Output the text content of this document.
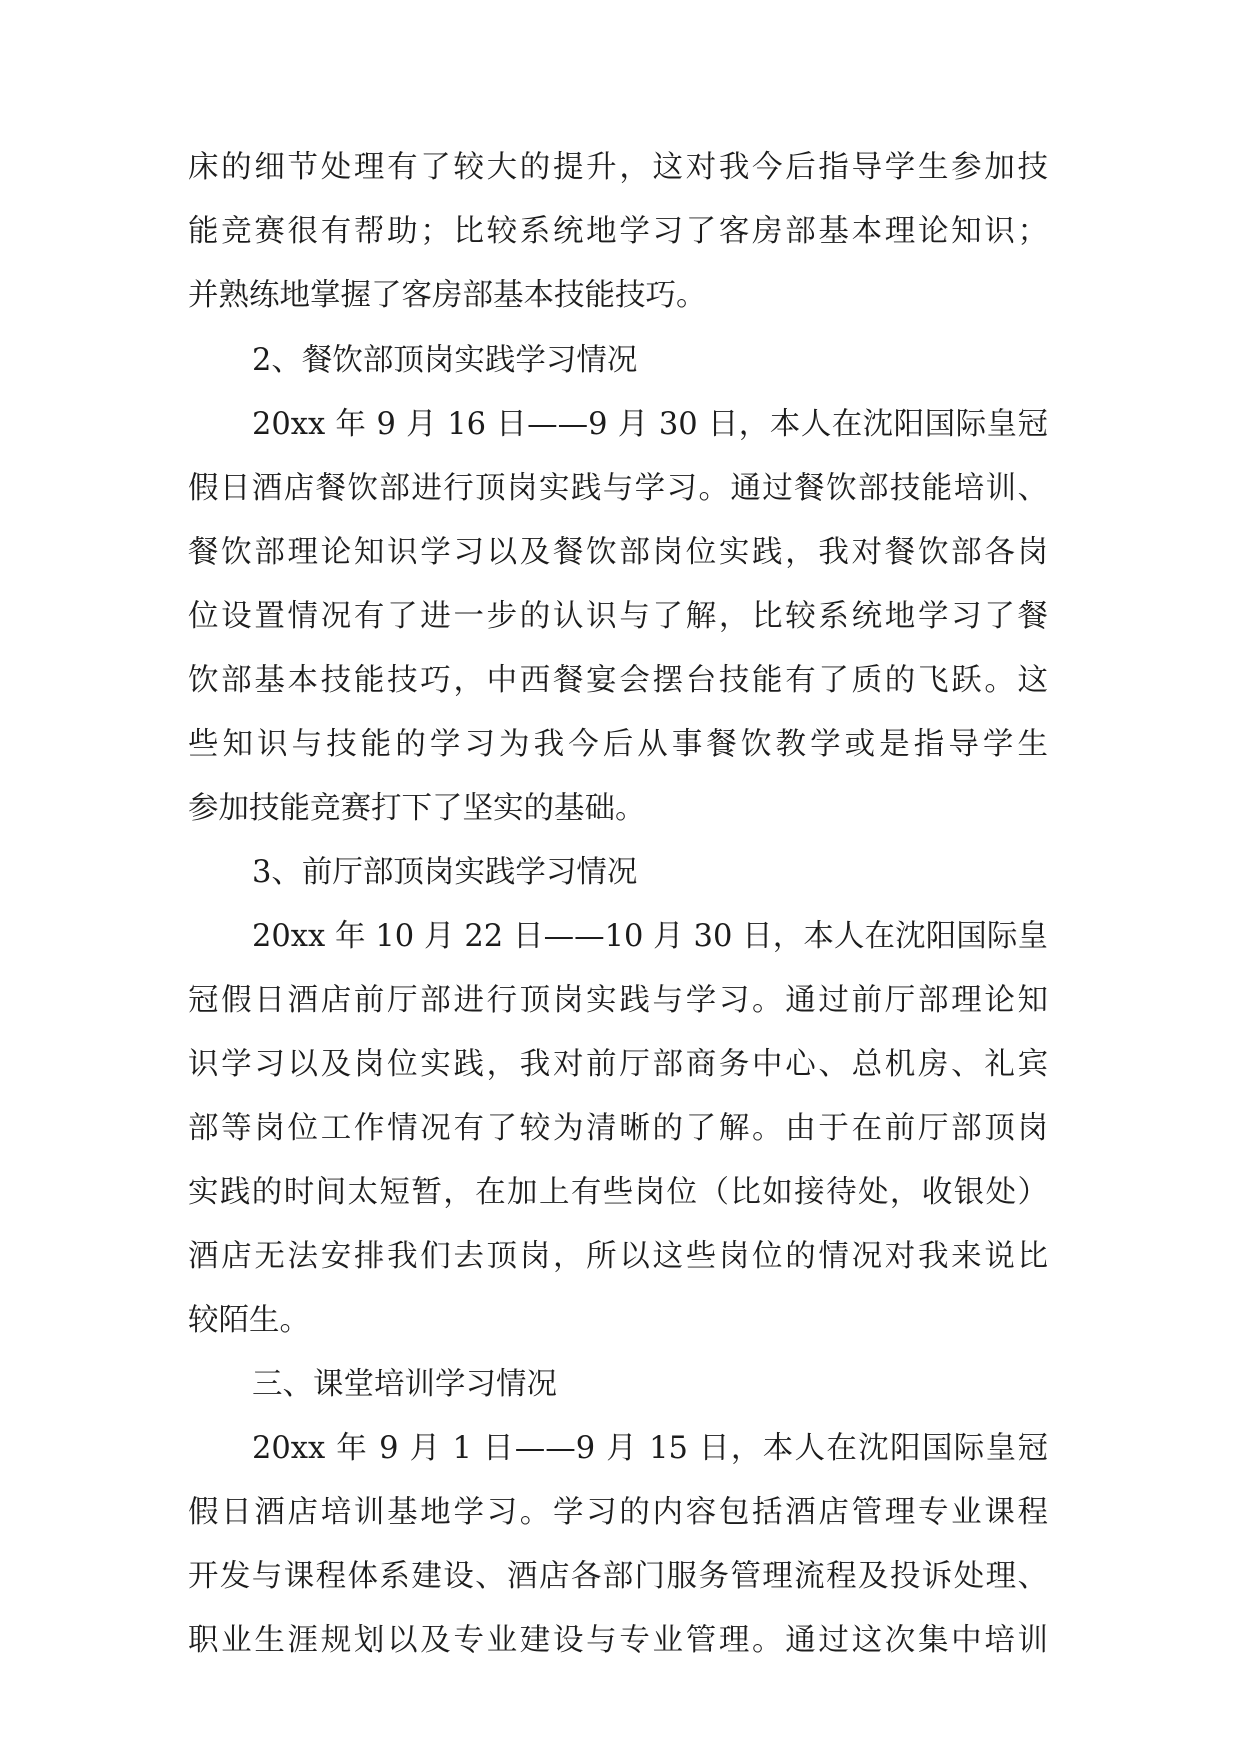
床的细节处理有了较大的提升，这对我今后指导学生参加技
能竞赛很有帮助；比较系统地学习了客房部基本理论知识；
并熟练地掌握了客房部基本技能技巧。
2、餐饮部顶岗实践学习情况
20xx 年 9 月 16 日——9 月 30 日，本人在沈阳国际皇冠
假日酒店餐饮部进行顶岗实践与学习。通过餐饮部技能培训、
餐饮部理论知识学习以及餐饮部岗位实践，我对餐饮部各岗
位设置情况有了进一步的认识与了解，比较系统地学习了餐
饮部基本技能技巧，中西餐宴会摆台技能有了质的飞跃。这
些知识与技能的学习为我今后从事餐饮教学或是指导学生
参加技能竞赛打下了坚实的基础。
3、前厅部顶岗实践学习情况
20xx 年 10 月 22 日——10 月 30 日，本人在沈阳国际皇
冠假日酒店前厅部进行顶岗实践与学习。通过前厅部理论知
识学习以及岗位实践，我对前厅部商务中心、总机房、礼宾
部等岗位工作情况有了较为清晰的了解。由于在前厅部顶岗
实践的时间太短暂，在加上有些岗位（比如接待处，收银处）
酒店无法安排我们去顶岗，所以这些岗位的情况对我来说比
较陌生。
三、课堂培训学习情况
20xx 年 9 月 1 日——9 月 15 日，本人在沈阳国际皇冠
假日酒店培训基地学习。学习的内容包括酒店管理专业课程
开发与课程体系建设、酒店各部门服务管理流程及投诉处理、
职业生涯规划以及专业建设与专业管理。通过这次集中培训
